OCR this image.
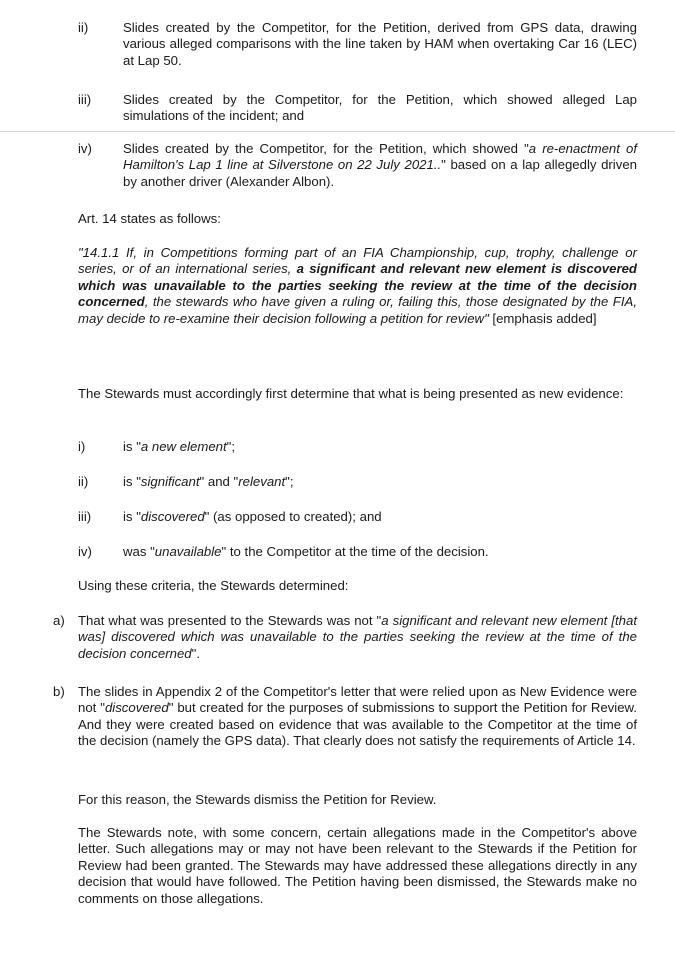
ii)	Slides created by the Competitor, for the Petition, derived from GPS data, drawing various alleged comparisons with the line taken by HAM when overtaking Car 16 (LEC) at Lap 50.

iii) Slides created by the Competitor, for the Petition, which showed alleged Lap simulations of the incident; and

iv) Slides created by the Competitor, for the Petition, which showed "a re-enactment of Hamilton's Lap 1 line at Silverstone on 22 July 2021.." based on a lap allegedly driven by another driver (Alexander Albon).

Art. 14 states as follows:

"14.1.1 If, in Competitions forming part of an FIA Championship, cup, trophy, challenge or series, or of an international series, a significant and relevant new element is discovered which was unavailable to the parties seeking the review at the time of the decision concerned, the stewards who have given a ruling or, failing this, those designated by the FIA, may decide to re-examine their decision following a petition for review" [emphasis added]

The Stewards must accordingly first determine that what is being presented as new evidence:

i)	is "a new element";

ii)	is "significant" and "relevant";

iii) is "discovered" (as opposed to created); and

iv) was "unavailable" to the Competitor at the time of the decision.

Using these criteria, the Stewards determined:

a) That what was presented to the Stewards was not "a significant and relevant new element [that was] discovered which was unavailable to the parties seeking the review at the time of the decision concerned".

b) The slides in Appendix 2 of the Competitor's letter that were relied upon as New Evidence were not "discovered" but created for the purposes of submissions to support the Petition for Review. And they were created based on evidence that was available to the Competitor at the time of the decision (namely the GPS data). That clearly does not satisfy the requirements of Article 14.

For this reason, the Stewards dismiss the Petition for Review.

The Stewards note, with some concern, certain allegations made in the Competitor's above letter. Such allegations may or may not have been relevant to the Stewards if the Petition for Review had been granted. The Stewards may have addressed these allegations directly in any decision that would have followed. The Petition having been dismissed, the Stewards make no comments on those allegations.
